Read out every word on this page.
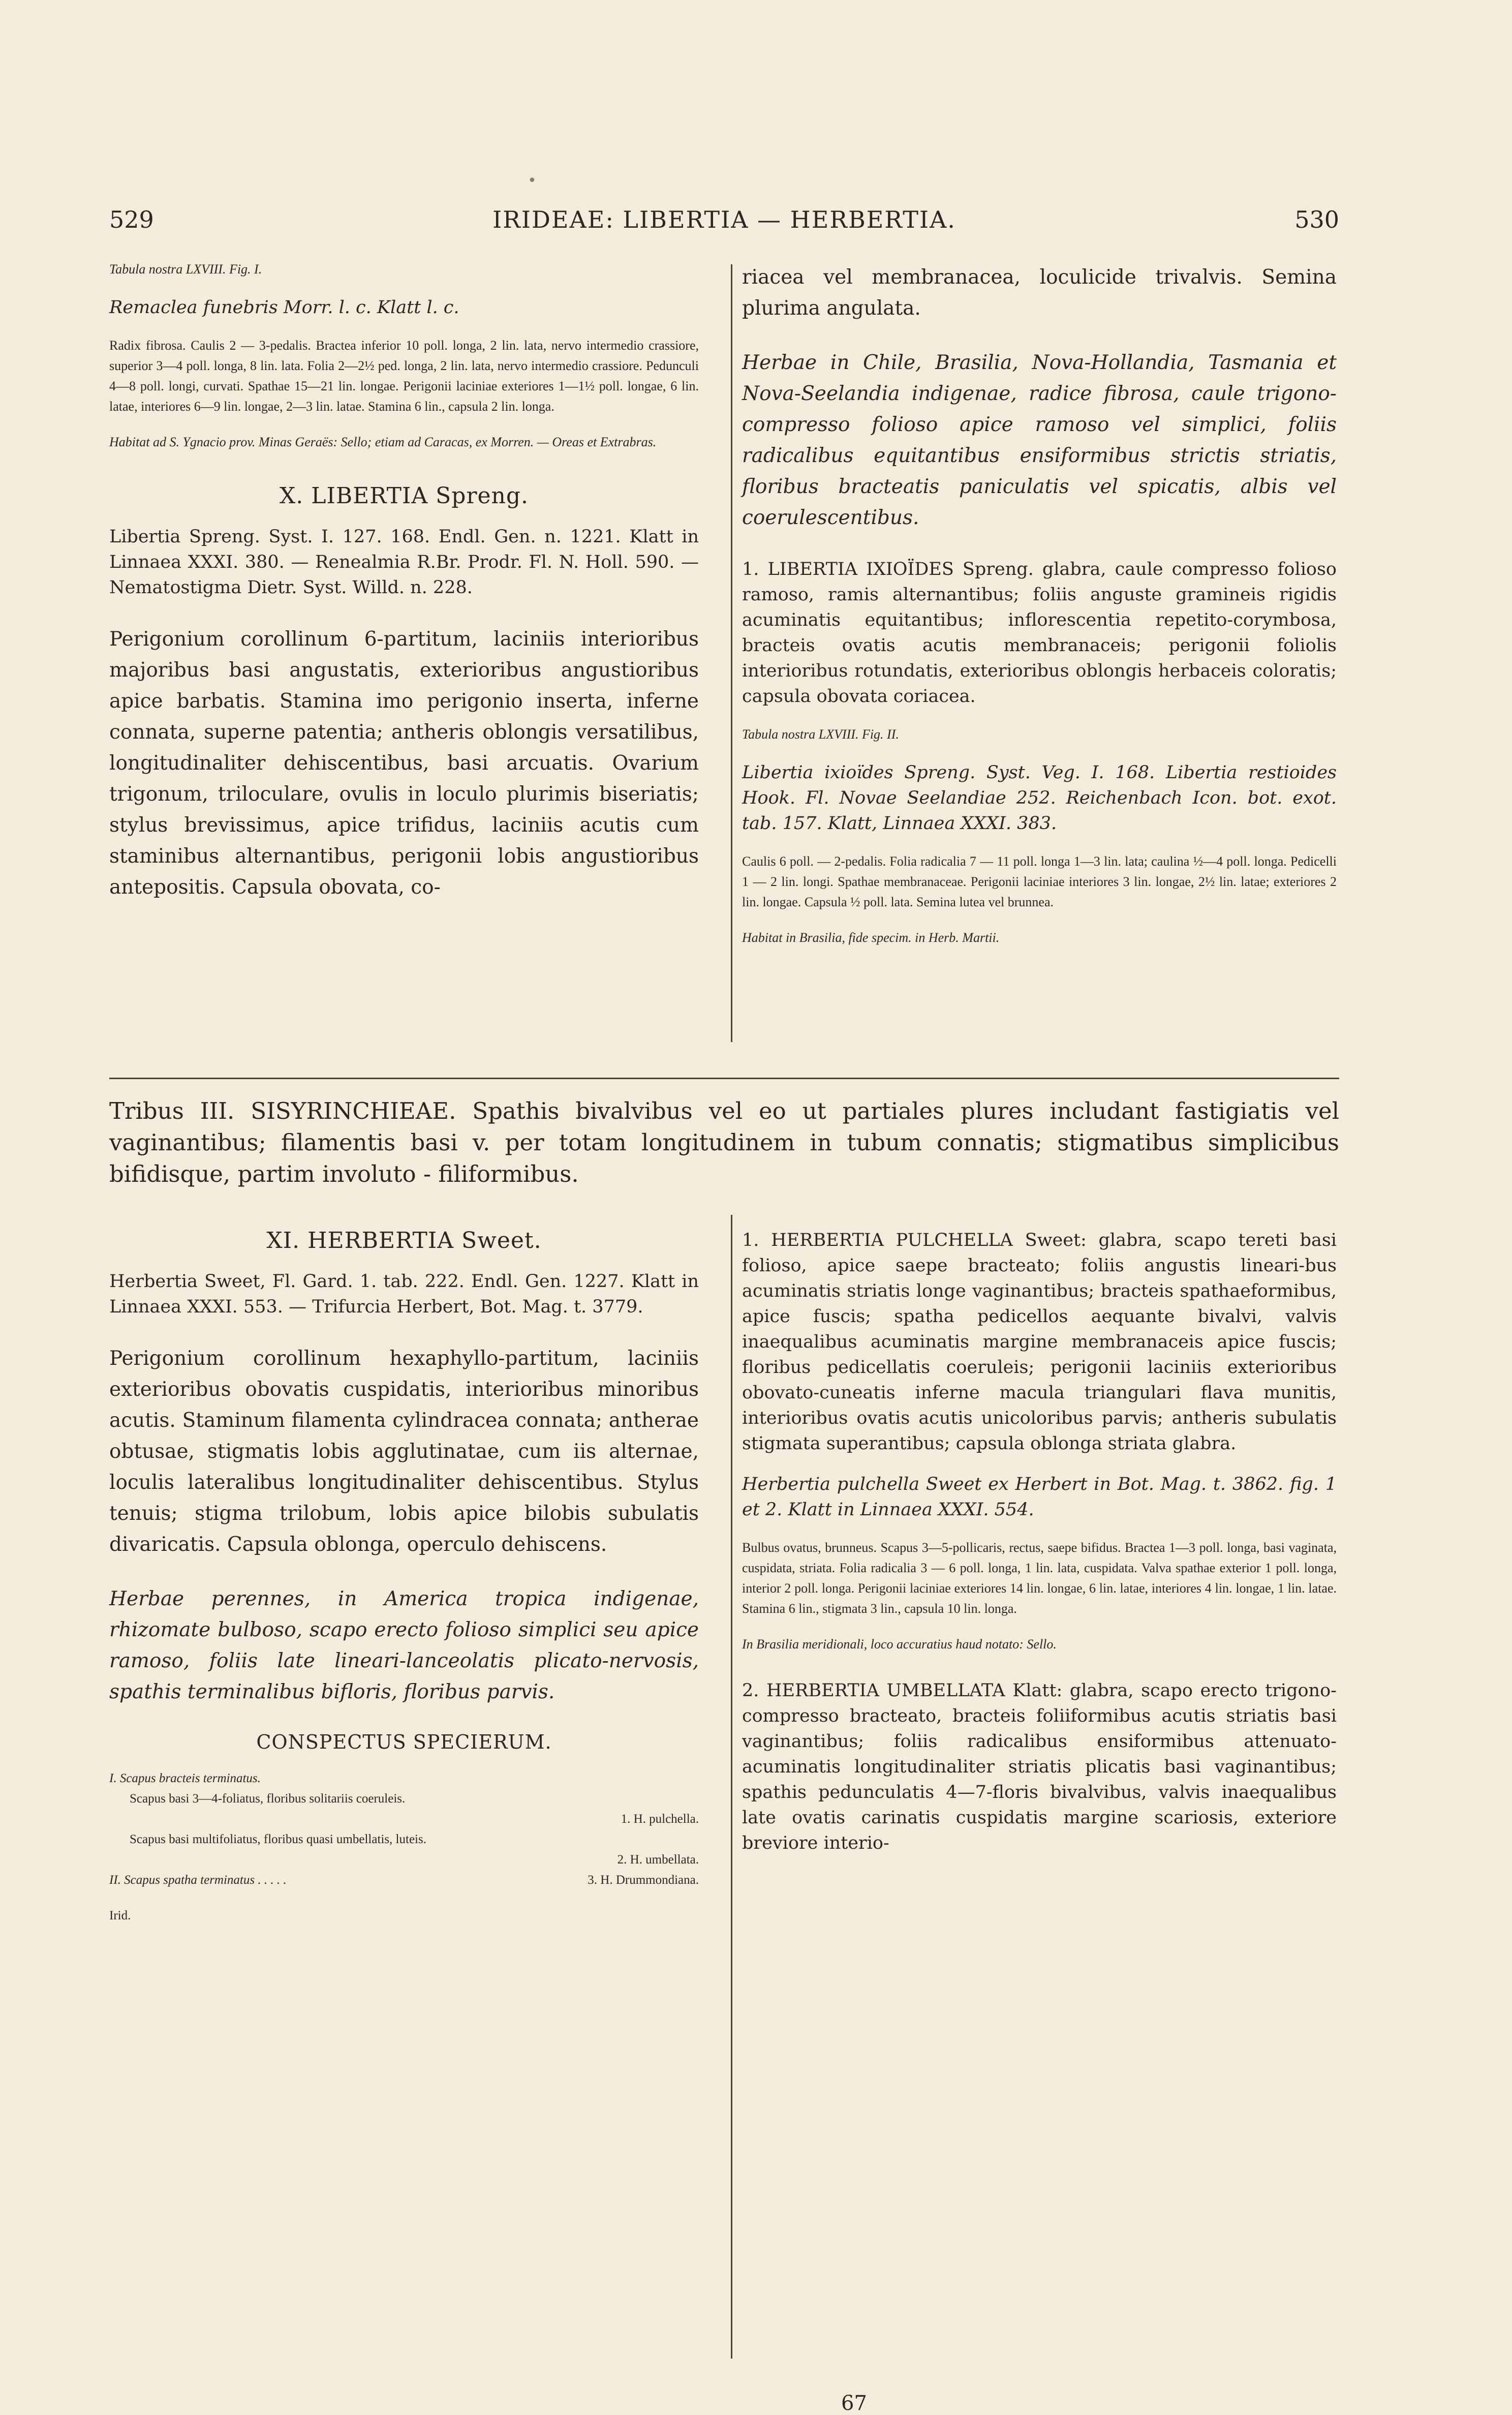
•
529	IRIDEAE: LIBERTIA — HERBERTIA.	530

Tabula nostra LXVIII. Fig. I.

Remaclea funebris Morr. l. c. Klatt l. c.

Radix fibrosa. Caulis 2 — 3-pedalis. Bractea inferior 10 poll. longa, 2 lin. lata, nervo intermedio crassiore, superior 3—4 poll. longa, 8 lin. lata. Folia 2—2½ ped. longa, 2 lin. lata, nervo intermedio crassiore. Pedunculi 4—8 poll. longi, curvati. Spathae 15—21 lin. longae. Perigonii laciniae exteriores 1—1½ poll. longae, 6 lin. latae, interiores 6—9 lin. longae, 2—3 lin. latae. Stamina 6 lin., capsula 2 lin. longa.

Habitat ad S. Ygnacio prov. Minas Geraës: Sello; etiam ad Caracas, ex Morren. — Oreas et Extrabras.

X. LIBERTIA Spreng.

Libertia Spreng. Syst. I. 127. 168. Endl. Gen. n. 1221. Klatt in Linnaea XXXI. 380. — Renealmia R.Br. Prodr. Fl. N. Holl. 590. — Nematostigma Dietr. Syst. Willd. n. 228.

Perigonium corollinum 6-partitum, laciniis interioribus majoribus basi angustatis, exterioribus angustioribus apice barbatis. Stamina imo perigonio inserta, inferne connata, superne patentia; antheris oblongis versatilibus, longitudinaliter dehiscentibus, basi arcuatis. Ovarium trigonum, triloculare, ovulis in loculo plurimis biseriatis; stylus brevissimus, apice trifidus, laciniis acutis cum staminibus alternantibus, perigonii lobis angustioribus antepositis. Capsula obovata, co-

riacea vel membranacea, loculicide trivalvis. Semina plurima angulata.

Herbae in Chile, Brasilia, Nova-Hollandia, Tasmania et Nova-Seelandia indigenae, radice fibrosa, caule trigono-compresso folioso apice ramoso vel simplici, foliis radicalibus equitantibus ensiformibus strictis striatis, floribus bracteatis paniculatis vel spicatis, albis vel coerulescentibus.

1. LIBERTIA IXIOÏDES Spreng. glabra, caule compresso folioso ramoso, ramis alternantibus; foliis anguste gramineis rigidis acuminatis equitantibus; inflorescentia repetito-corymbosa, bracteis ovatis acutis membranaceis; perigonii foliolis interioribus rotundatis, exterioribus oblongis herbaceis coloratis; capsula obovata coriacea.

Tabula nostra LXVIII. Fig. II.

Libertia ixioïdes Spreng. Syst. Veg. I. 168. Libertia restioides Hook. Fl. Novae Seelandiae 252. Reichenbach Icon. bot. exot. tab. 157. Klatt, Linnaea XXXI. 383.

Caulis 6 poll. — 2-pedalis. Folia radicalia 7 — 11 poll. longa 1—3 lin. lata; caulina ½—4 poll. longa. Pedicelli 1 — 2 lin. longi. Spathae membranaceae. Perigonii laciniae interiores 3 lin. longae, 2½ lin. latae; exteriores 2 lin. longae. Capsula ½ poll. lata. Semina lutea vel brunnea.

Habitat in Brasilia, fide specim. in Herb. Martii.

Tribus III. SISYRINCHIEAE. Spathis bivalvibus vel eo ut partiales plures includant fastigiatis vel vaginantibus; filamentis basi v. per totam longitudinem in tubum connatis; stigmatibus simplicibus bifidisque, partim involuto - filiformibus.

XI. HERBERTIA Sweet.

Herbertia Sweet, Fl. Gard. 1. tab. 222. Endl. Gen. 1227. Klatt in Linnaea XXXI. 553. — Trifurcia Herbert, Bot. Mag. t. 3779.

Perigonium corollinum hexaphyllo-partitum, laciniis exterioribus obovatis cuspidatis, interioribus minoribus acutis. Staminum filamenta cylindracea connata; antherae obtusae, stigmatis lobis agglutinatae, cum iis alternae, loculis lateralibus longitudinaliter dehiscentibus. Stylus tenuis; stigma trilobum, lobis apice bilobis subulatis divaricatis. Capsula oblonga, operculo dehiscens.

Herbae perennes, in America tropica indigenae, rhizomate bulboso, scapo erecto folioso simplici seu apice ramoso, foliis late lineari-lanceolatis plicato-nervosis, spathis terminalibus bifloris, floribus parvis.

CONSPECTUS SPECIERUM.

I. Scapus bracteis terminatus.
Scapus basi 3—4-foliatus, floribus solitariis coeruleis.
1. H. pulchella.
Scapus basi multifoliatus, floribus quasi umbellatis, luteis.
2. H. umbellata.
II. Scapus spatha terminatus . . . . .	3. H. Drummondiana.

Irid.

1. HERBERTIA PULCHELLA Sweet: glabra, scapo tereti basi folioso, apice saepe bracteato; foliis angustis lineari-bus acuminatis striatis longe vaginantibus; bracteis spathaeformibus, apice fuscis; spatha pedicellos aequante bivalvi, valvis inaequalibus acuminatis margine membranaceis apice fuscis; floribus pedicellatis coeruleis; perigonii laciniis exterioribus obovato-cuneatis inferne macula triangulari flava munitis, interioribus ovatis acutis unicoloribus parvis; antheris subulatis stigmata superantibus; capsula oblonga striata glabra.

Herbertia pulchella Sweet ex Herbert in Bot. Mag. t. 3862. fig. 1 et 2. Klatt in Linnaea XXXI. 554.

Bulbus ovatus, brunneus. Scapus 3—5-pollicaris, rectus, saepe bifidus. Bractea 1—3 poll. longa, basi vaginata, cuspidata, striata. Folia radicalia 3 — 6 poll. longa, 1 lin. lata, cuspidata. Valva spathae exterior 1 poll. longa, interior 2 poll. longa. Perigonii laciniae exteriores 14 lin. longae, 6 lin. latae, interiores 4 lin. longae, 1 lin. latae. Stamina 6 lin., stigmata 3 lin., capsula 10 lin. longa.

In Brasilia meridionali, loco accuratius haud notato: Sello.

2. HERBERTIA UMBELLATA Klatt: glabra, scapo erecto trigono-compresso bracteato, bracteis foliiformibus acutis striatis basi vaginantibus; foliis radicalibus ensiformibus attenuato-acuminatis longitudinaliter striatis plicatis basi vaginantibus; spathis pedunculatis 4—7-floris bivalvibus, valvis inaequalibus late ovatis carinatis cuspidatis margine scariosis, exteriore breviore interio-

67
